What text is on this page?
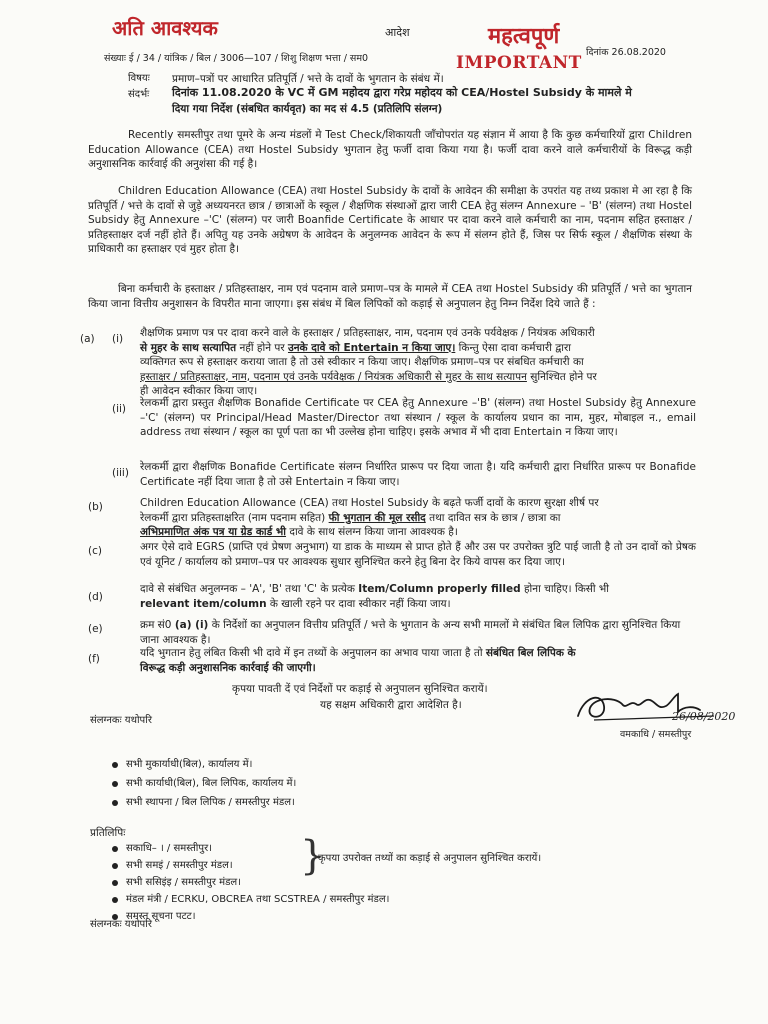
अति आवश्यक	आदेश	महत्वपूर्ण
IMPORTANT
संख्याः ई / 34 / यांत्रिक / बिल / 3006—107 / शिशु शिक्षण भत्ता / सम0
दिनांक 26.08.2020
विषयः प्रमाण–पत्रों पर आधारित प्रतिपूर्ति / भत्ते के दावों के भुगतान के संबंध में।
संदर्भः दिनांक 11.08.2020 के VC में GM महोदय द्वारा गरेप्र महोदय को CEA/Hostel Subsidy के मामले मे
दिया गया निर्देश (संबधित कार्यवृत) का मद सं 4.5 (प्रतिलिपि संलग्न)
Recently समस्तीपुर तथा पूमरे के अन्य मंडलों मे Test Check/शिकायती जाँचोपरांत यह संज्ञान में आया है कि कुछ कर्मचारियों द्वारा Children Education Allowance (CEA) तथा Hostel Subsidy भुगतान हेतु फर्जी दावा किया गया है। फर्जी दावा करने वाले कर्मचारीयों के विरूद्ध कड़ी अनुशासनिक कार्रवाई की अनुशंसा की गई है।
Children Education Allowance (CEA) तथा Hostel Subsidy के दावों के आवेदन की समीक्षा के उपरांत यह तथ्य प्रकाश मे आ रहा है कि प्रतिपूर्ति / भत्ते के दावों से जुड़े अध्ययनरत छात्र / छात्राओं के स्कूल / शैक्षणिक संस्थाओं द्वारा जारी CEA हेतु संलग्न Annexure – 'B' (संलग्न) तथा Hostel Subsidy हेतु Annexure –'C' (संलग्न) पर जारी Boanfide Certificate के आधार पर दावा करने वाले कर्मचारी का नाम, पदनाम सहित हस्ताक्षर / प्रतिहस्ताक्षर दर्ज नहीं होते हैं। अपितु यह उनके अग्रेषण के आवेदन के अनुलग्नक आवेदन के रूप में संलग्न होते हैं, जिस पर सिर्फ स्कूल / शैक्षणिक संस्था के प्राधिकारी का हस्ताक्षर एवं मुहर होता है।
बिना कर्मचारी के हस्ताक्षर / प्रतिहस्ताक्षर, नाम एवं पदनाम वाले प्रमाण–पत्र के मामले में CEA तथा Hostel Subsidy की प्रतिपूर्ति / भत्ते का भुगतान किया जाना वित्तीय अनुशासन के विपरीत माना जाएगा। इस संबंध में बिल लिपिकों को कड़ाई से अनुपालन हेतु निम्न निर्देश दिये जाते हैं :
(a) (i) शैक्षणिक प्रमाण पत्र पर दावा करने वाले के हस्ताक्षर / प्रतिहस्ताक्षर, नाम, पदनाम एवं उनके पर्यवेक्षक / नियंत्रक अधिकारी
से मुहर के साथ सत्यापित नहीं होने पर उनके दावे को Entertain न किया जाए। किन्तु ऐसा दावा कर्मचारी द्वारा
व्यक्तिगत रूप से हस्ताक्षर कराया जाता है तो उसे स्वीकार न किया जाए। शैक्षणिक प्रमाण–पत्र पर संबधित कर्मचारी का
हस्ताक्षर / प्रतिहस्ताक्षर, नाम, पदनाम एवं उनके पर्यवेक्षक / नियंत्रक अधिकारी से मुहर के साथ सत्यापन सुनिश्चित होने पर
ही आवेदन स्वीकार किया जाए।
(ii) रेलकर्मी द्वारा प्रस्तुत शैक्षणिक Bonafide Certificate पर CEA हेतु Annexure –'B' (संलग्न) तथा Hostel Subsidy हेतु Annexure –'C' (संलग्न) पर Principal/Head Master/Director तथा संस्थान / स्कूल के कार्यालय प्रधान का नाम, मुहर, मोबाइल न., email address तथा संस्थान / स्कूल का पूर्ण पता का भी उल्लेख होना चाहिए। इसके अभाव में भी दावा Entertain न किया जाए।
(iii) रेलकर्मी द्वारा शैक्षणिक Bonafide Certificate संलग्न निर्धारित प्रारूप पर दिया जाता है। यदि कर्मचारी द्वारा निर्धारित प्रारूप पर Bonafide Certificate नहीं दिया जाता है तो उसे Entertain न किया जाए।
(b)	Children Education Allowance (CEA) तथा Hostel Subsidy के बढ़ते फर्जी दावों के कारण सुरक्षा शीर्ष पर
रेलकर्मी द्वारा प्रतिहस्ताक्षरित (नाम पदनाम सहित) फी भुगतान की मूल रसीद तथा दावित सत्र के छात्र / छात्रा का
अभिप्रमाणित अंक पत्र या ग्रेड कार्ड भी दावे के साथ संलग्न किया जाना आवश्यक है।
(c)	अगर ऐसे दावे EGRS (प्राप्ति एवं प्रेषण अनुभाग) या डाक के माध्यम से प्राप्त होते हैं और उस पर उपरोक्त त्रुटि पाई जाती है तो उन दावों को प्रेषक एवं यूनिट / कार्यालय को प्रमाण–पत्र पर आवश्यक सुधार सुनिश्चित करने हेतु बिना देर किये वापस कर दिया जाए।
(d)
दावे से संबंधित अनुलग्नक – 'A', 'B' तथा 'C' के प्रत्येक Item/Column properly filled होना चाहिए। किसी भी
relevant item/column के खाली रहने पर दावा स्वीकार नहीं किया जाय।
(e)	क्रम सं0 (a) (i) के निर्देशों का अनुपालन वित्तीय प्रतिपूर्ति / भत्ते के भुगतान के अन्य सभी मामलों मे संबंधित बिल लिपिक द्वारा सुनिश्चित किया जाना आवश्यक है।
(f)	यदि भुगतान हेतु लंबित किसी भी दावे में इन तथ्यों के अनुपालन का अभाव पाया जाता है तो संबंधित बिल लिपिक के
विरूद्ध कड़ी अनुशासनिक कार्रवाई की जाएगी।
कृपया पावती दें एवं निर्देशों पर कड़ाई से अनुपालन सुनिश्चित करायें।
यह सक्षम अधिकारी द्वारा आदेशित है।
संलग्नकः यथोपरि	26/08/2020
वमकाधि / समस्तीपुर
सभी मुकार्याधी(बिल), कार्यालय में।
सभी कार्याधी(बिल), बिल लिपिक, कार्यालय में।
सभी स्थापना / बिल लिपिक / समस्तीपुर मंडल।
प्रतिलिपिः
सकाधि– । / समस्तीपुर।
सभी समइं / समस्तीपुर मंडल।
सभी ससिइंइ / समस्तीपुर मंडल।
मंडल मंत्री / ECRKU, OBCREA तथा SCSTREA / समस्तीपुर मंडल।
समस्त सूचना पटट।
}
कृपया उपरोक्त तथ्यों का कड़ाई से अनुपालन सुनिश्चित करायें।
संलग्नकः यथोपरि
